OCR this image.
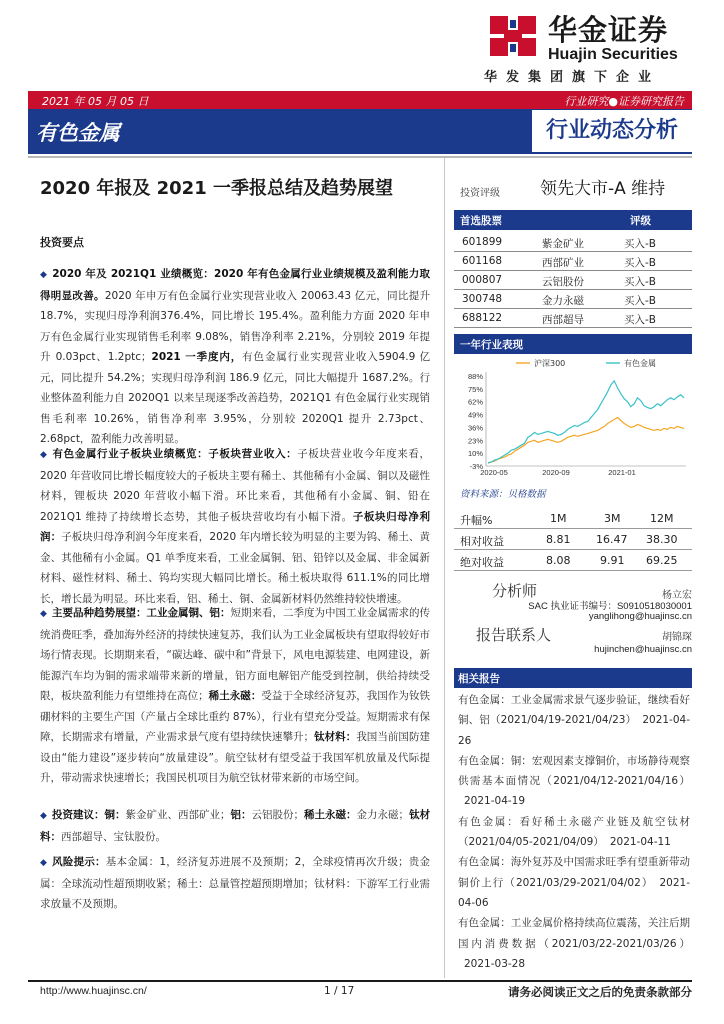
华金证券
Huajin Securities
华发集团旗下企业
2021 年 05 月 05 日	行业研究●证券研究报告
有色金属	行业动态分析
2020 年报及 2021 一季报总结及趋势展望
投资要点
◆ 2020 年及 2021Q1 业绩概览：2020 年有色金属行业业绩规模及盈利能力取得明显改善。2020 年申万有色金属行业实现营业收入 20063.43 亿元，同比提升 18.7%，实现归母净利润376.4%，同比增长 195.4%。盈利能力方面 2020 年申万有色金属行业实现销售毛利率 9.08%，销售净利率 2.21%，分别较 2019 年提升 0.03pct、1.2ptc；2021 一季度内，有色金属行业实现营业收入5904.9 亿元，同比提升 54.2%；实现归母净利润 186.9 亿元，同比大幅提升 1687.2%。行业整体盈利能力自 2020Q1 以来呈现逐季改善趋势，2021Q1 有色金属行业实现销售毛利率 10.26%，销售净利率 3.95%，分别较 2020Q1 提升 2.73pct、2.68pct，盈利能力改善明显。
◆ 有色金属行业子板块业绩概览：子板块营业收入：子板块营业收今年度来看，2020 年营收同比增长幅度较大的子板块主要有稀土、其他稀有小金属、铜以及磁性材料，锂板块 2020 年营收小幅下滑。环比来看，其他稀有小金属、铜、铅在 2021Q1 维持了持续增长态势，其他子板块营收均有小幅下滑。子板块归母净利润：子板块归母净利润今年度来看，2020 年内增长较为明显的主要为钨、稀土、黄金、其他稀有小金属。Q1 单季度来看，工业金属铜、铝、铅锌以及金属、非金属新材料、磁性材料、稀土、钨均实现大幅同比增长。稀土板块取得 611.1%的同比增长，增长最为明显。环比来看，铝、稀土、铜、金属新材料仍然维持较快增速。
◆ 主要品种趋势展望：工业金属铜、铝：短期来看，二季度为中国工业金属需求的传统消费旺季，叠加海外经济的持续快速复苏，我们认为工业金属板块有望取得较好市场行情表现。长期期来看，“碳达峰、碳中和”背景下，风电电源装建、电网建设，新能源汽车均为铜的需求端带来新的增量，铝方面电解铝产能受到控制，供给持续受限，板块盈利能力有望维持在高位；稀土永磁：受益于全球经济复苏，我国作为钕铁硼材料的主要生产国（产量占全球比重约 87%），行业有望充分受益。短期需求有保障，长期需求有增量，产业需求景气度有望持续快速攀升；钛材料：我国当前国防建设由“能力建设”逐步转向“放量建设”。航空钛材有望受益于我国军机放量及代际提升，带动需求快速增长；我国民机项目为航空钛材带来新的市场空间。
◆ 投资建议：铜：紫金矿业、西部矿业；铝：云铝股份；稀土永磁：金力永磁；钛材料：西部超导、宝钛股份。
◆ 风险提示：基本金属：1，经济复苏进展不及预期；2，全球疫情再次升级；贵金属：全球流动性超预期收紧；稀土：总量管控超预期增加；钛材料：下游军工行业需求放量不及预期。
投资评级 领先大市-A 维持
首选股票	评级
601899	紫金矿业	买入-B
601168	西部矿业	买入-B
000807	云铝股份	买入-B
300748	金力永磁	买入-B
688122	西部超导	买入-B
一年行业表现
88%
75%
62%
49%
36%
23%
10%
-3%
2020-05	2020-09	2021-01
沪深300	有色金属
资料来源：贝格数据
升幅%	1M	3M	12M
相对收益	8.81 16.47 38.30
绝对收益	8.08	9.91 69.25
分析师	杨立宏
SAC 执业证书编号：S0910518030001
yanglihong@huajinsc.cn
报告联系人	胡锦琛
hujinchen@huajinsc.cn
相关报告
有色金属：工业金属需求景气逐步验证，继续看好铜、铝（2021/04/19-2021/04/23） 2021-04-26
有色金属：铜：宏观因素支撑铜价，市场静待观察供需基本面情况（2021/04/12-2021/04/16）2021-04-19
有色金属：看好稀土永磁产业链及航空钛材（2021/04/05-2021/04/09） 2021-04-11
有色金属：海外复苏及中国需求旺季有望重新带动铜价上行（2021/03/29-2021/04/02） 2021-04-06
有色金属：工业金属价格持续高位震荡，关注后期国内消费数据（2021/03/22-2021/03/26）2021-03-28
http://www.huajinsc.cn/	1 / 17	请务必阅读正文之后的免责条款部分
